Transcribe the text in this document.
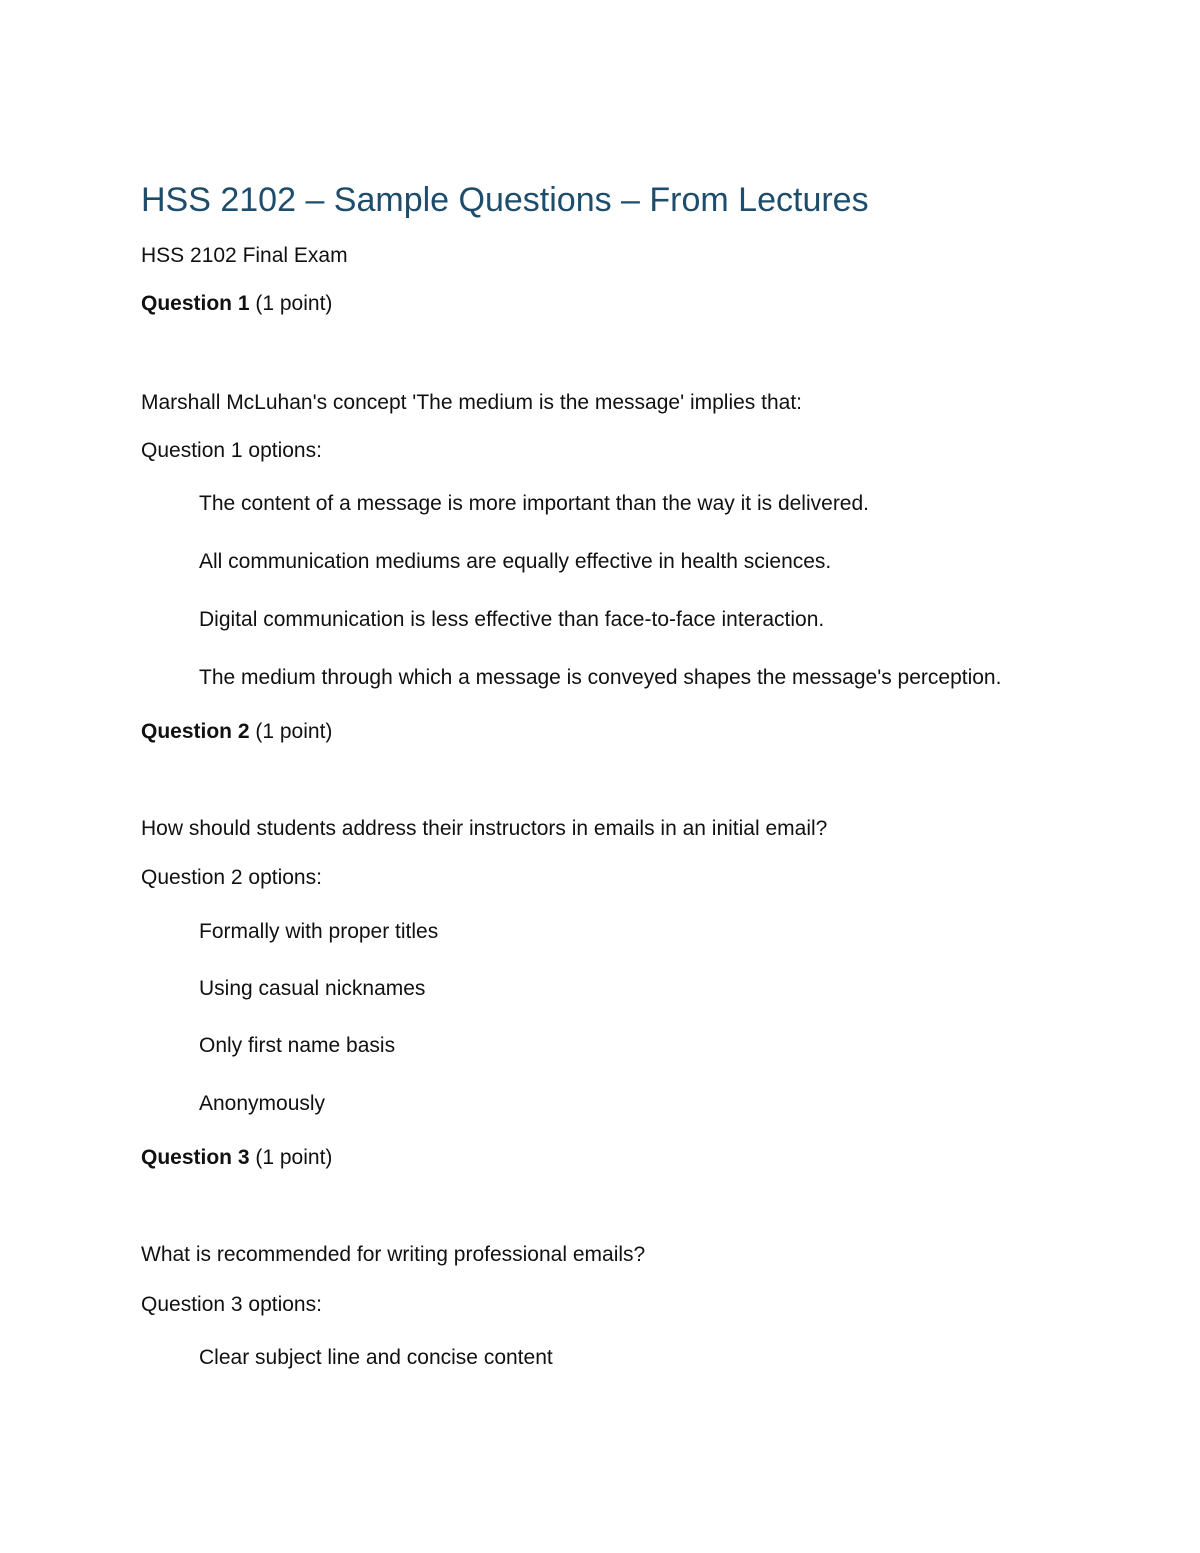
HSS 2102 – Sample Questions – From Lectures

HSS 2102 Final Exam

Question 1 (1 point)

Marshall McLuhan's concept 'The medium is the message' implies that:

Question 1 options:

The content of a message is more important than the way it is delivered.

All communication mediums are equally effective in health sciences.

Digital communication is less effective than face-to-face interaction.

The medium through which a message is conveyed shapes the message's perception.

Question 2 (1 point)

How should students address their instructors in emails in an initial email?

Question 2 options:

Formally with proper titles

Using casual nicknames

Only first name basis

Anonymously

Question 3 (1 point)

What is recommended for writing professional emails?

Question 3 options:

Clear subject line and concise content
